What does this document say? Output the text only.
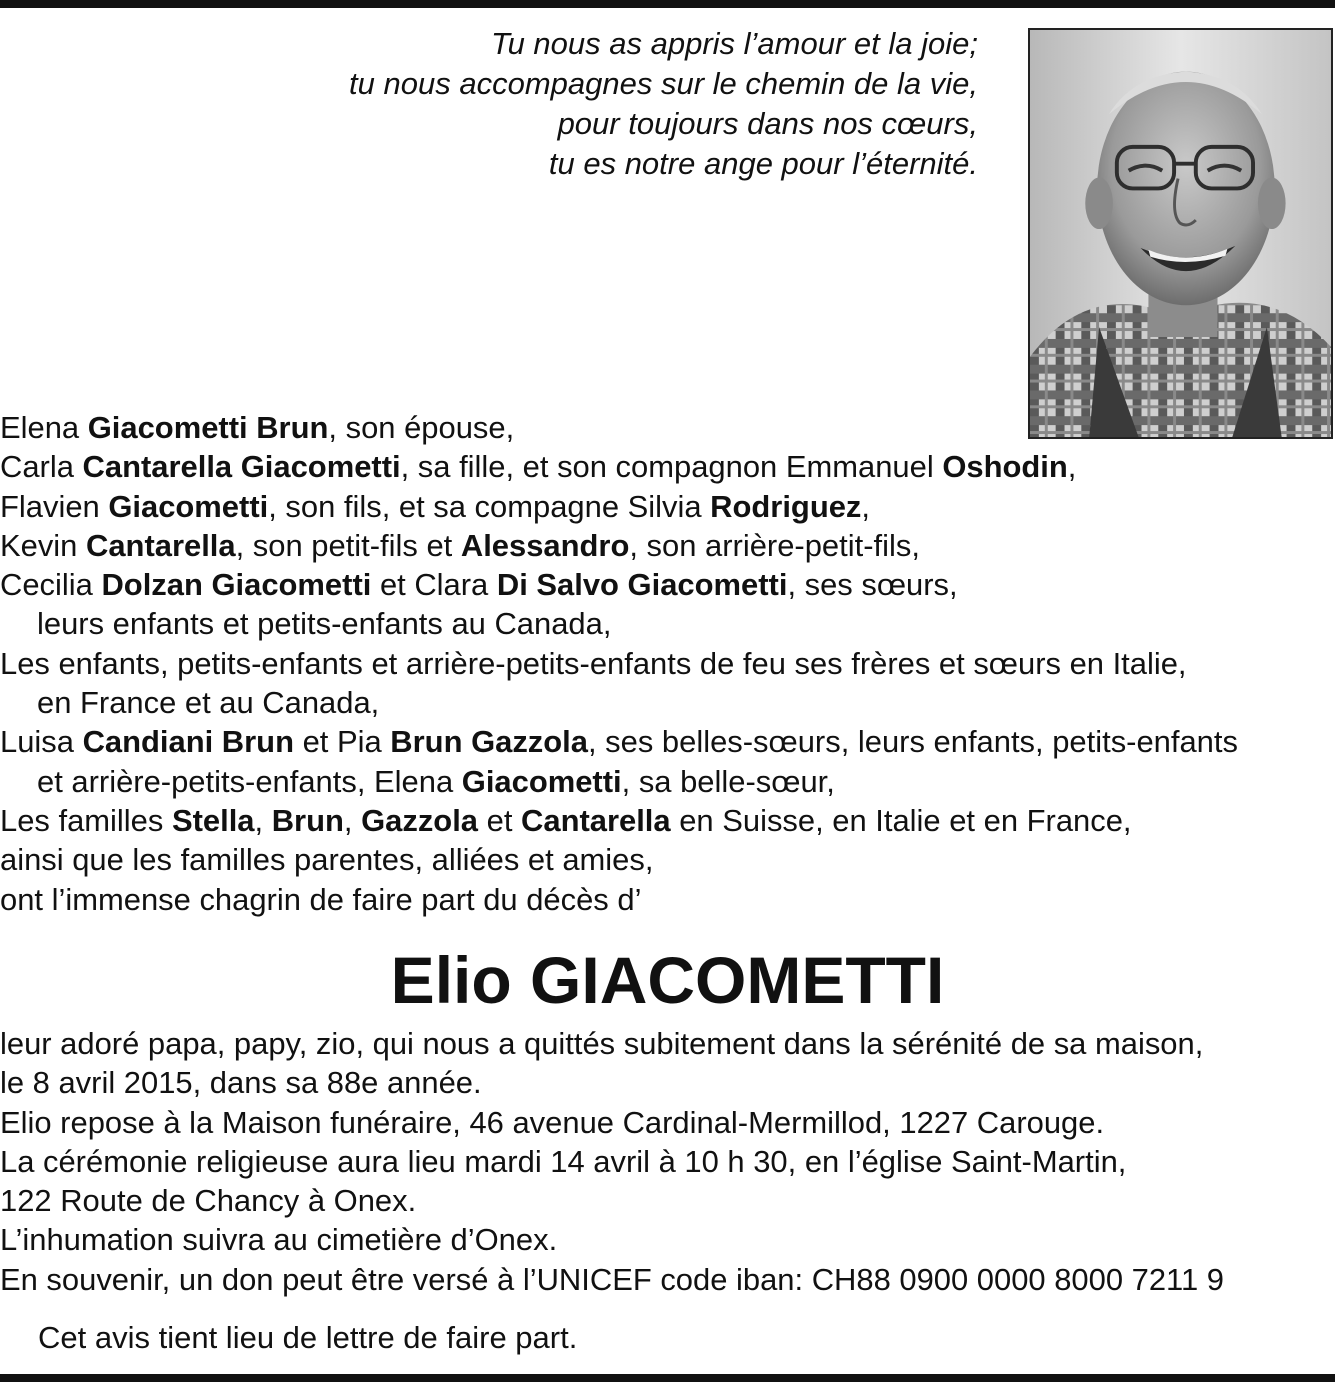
Tu nous as appris l’amour et la joie;
tu nous accompagnes sur le chemin de la vie,
pour toujours dans nos cœurs,
tu es notre ange pour l’éternité.
Elena Giacometti Brun, son épouse,
Carla Cantarella Giacometti, sa fille, et son compagnon Emmanuel Oshodin,
Flavien Giacometti, son fils, et sa compagne Silvia Rodriguez,
Kevin Cantarella, son petit-fils et Alessandro, son arrière-petit-fils,
Cecilia Dolzan Giacometti et Clara Di Salvo Giacometti, ses sœurs,
leurs enfants et petits-enfants au Canada,
Les enfants, petits-enfants et arrière-petits-enfants de feu ses frères et sœurs en Italie,
en France et au Canada,
Luisa Candiani Brun et Pia Brun Gazzola, ses belles-sœurs, leurs enfants, petits-enfants
et arrière-petits-enfants, Elena Giacometti, sa belle-sœur,
Les familles Stella, Brun, Gazzola et Cantarella en Suisse, en Italie et en France,
ainsi que les familles parentes, alliées et amies,
ont l’immense chagrin de faire part du décès d’
Elio GIACOMETTI
leur adoré papa, papy, zio, qui nous a quittés subitement dans la sérénité de sa maison,
le 8 avril 2015, dans sa 88e année.
Elio repose à la Maison funéraire, 46 avenue Cardinal-Mermillod, 1227 Carouge.
La cérémonie religieuse aura lieu mardi 14 avril à 10 h 30, en l’église Saint-Martin,
122 Route de Chancy à Onex.
L’inhumation suivra au cimetière d’Onex.
En souvenir, un don peut être versé à l’UNICEF code iban: CH88 0900 0000 8000 7211 9
Cet avis tient lieu de lettre de faire part.
